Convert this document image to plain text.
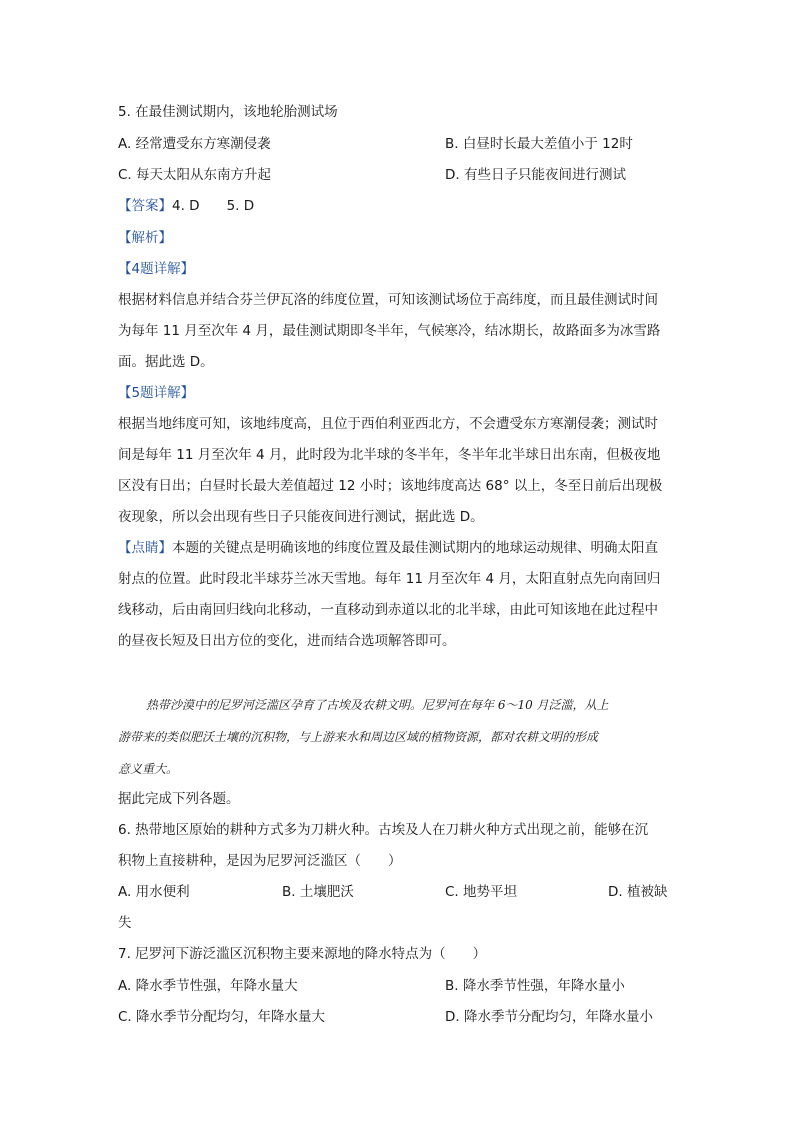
5. 在最佳测试期内，该地轮胎测试场
A. 经常遭受东方寒潮侵袭	B. 白昼时长最大差值小于 12时
C. 每天太阳从东南方升起	D. 有些日子只能夜间进行测试
【答案】4. D　　5. D
【解析】
【4题详解】
根据材料信息并结合芬兰伊瓦洛的纬度位置，可知该测试场位于高纬度，而且最佳测试时间
为每年 11 月至次年 4 月，最佳测试期即冬半年，气候寒冷，结冰期长，故路面多为冰雪路
面。据此选 D。
【5题详解】
根据当地纬度可知，该地纬度高，且位于西伯利亚西北方，不会遭受东方寒潮侵袭；测试时
间是每年 11 月至次年 4 月，此时段为北半球的冬半年，冬半年北半球日出东南，但极夜地
区没有日出；白昼时长最大差值超过 12 小时；该地纬度高达 68° 以上，冬至日前后出现极
夜现象，所以会出现有些日子只能夜间进行测试，据此选 D。
【点睛】本题的关键点是明确该地的纬度位置及最佳测试期内的地球运动规律、明确太阳直
射点的位置。此时段北半球芬兰冰天雪地。每年 11 月至次年 4 月，太阳直射点先向南回归
线移动，后由南回归线向北移动，一直移动到赤道以北的北半球，由此可知该地在此过程中
的昼夜长短及日出方位的变化，进而结合选项解答即可。
热带沙漠中的尼罗河泛滥区孕育了古埃及农耕文明。尼罗河在每年 6～10 月泛滥，从上
游带来的类似肥沃土壤的沉积物，与上游来水和周边区域的植物资源，都对农耕文明的形成
意义重大。
据此完成下列各题。
6. 热带地区原始的耕种方式多为刀耕火种。古埃及人在刀耕火种方式出现之前，能够在沉
积物上直接耕种，是因为尼罗河泛滥区（　　）
A. 用水便利	B. 土壤肥沃	C. 地势平坦	D. 植被缺
失
7. 尼罗河下游泛滥区沉积物主要来源地的降水特点为（　　）
A. 降水季节性强，年降水量大	B. 降水季节性强，年降水量小
C. 降水季节分配均匀，年降水量大	D. 降水季节分配均匀，年降水量小
